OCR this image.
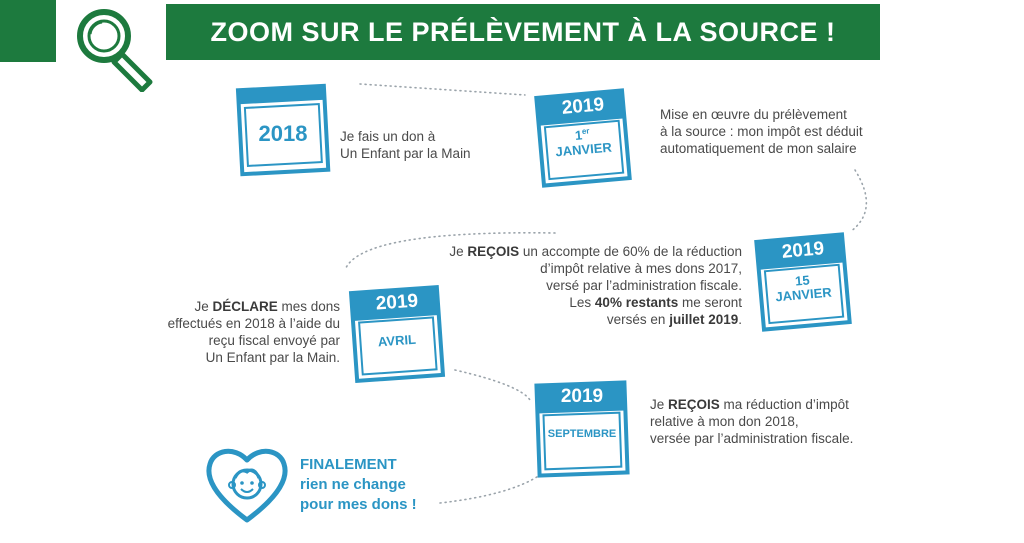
ZOOM SUR LE PRÉLÈVEMENT À LA SOURCE !
2018	Je fais un don à
Un Enfant par la Main
2019
1er
JANVIER
Mise en œuvre du prélèvement
à la source : mon impôt est déduit
automatiquement de mon salaire
2019
15
JANVIER
Je REÇOIS un accompte de 60% de la réduction
d’impôt relative à mes dons 2017,
versé par l’administration fiscale.
Les 40% restants me seront
versés en juillet 2019.
2019
AVRIL
Je DÉCLARE mes dons
effectués en 2018 à l’aide du
reçu fiscal envoyé par
Un Enfant par la Main.
2019
SEPTEMBRE
Je REÇOIS ma réduction d’impôt
relative à mon don 2018,
versée par l’administration fiscale.
FINALEMENT
rien ne change
pour mes dons !
